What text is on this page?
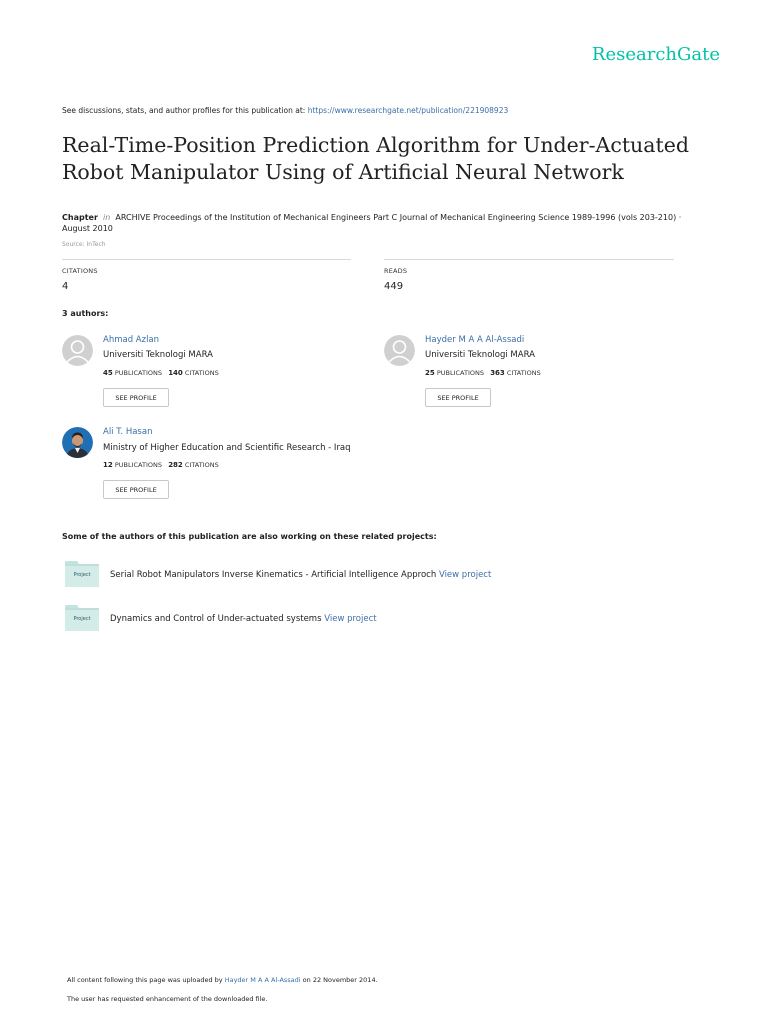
ResearchGate
See discussions, stats, and author profiles for this publication at: https://www.researchgate.net/publication/221908923
Real-Time-Position Prediction Algorithm for Under-Actuated Robot Manipulator Using of Artificial Neural Network
Chapter in ARCHIVE Proceedings of the Institution of Mechanical Engineers Part C Journal of Mechanical Engineering Science 1989-1996 (vols 203-210) · August 2010
Source: InTech
CITATIONS
4
READS
449
3 authors:
Ahmad Azlan
Universiti Teknologi MARA
45 PUBLICATIONS 140 CITATIONS
SEE PROFILE
Hayder M A A Al-Assadi
Universiti Teknologi MARA
25 PUBLICATIONS 363 CITATIONS
SEE PROFILE
Ali T. Hasan
Ministry of Higher Education and Scientific Research - Iraq
12 PUBLICATIONS 282 CITATIONS
SEE PROFILE
Some of the authors of this publication are also working on these related projects:
Project	Serial Robot Manipulators Inverse Kinematics - Artificial Intelligence Approch View project
Project	Dynamics and Control of Under-actuated systems View project
All content following this page was uploaded by Hayder M A A Al-Assadi on 22 November 2014.
The user has requested enhancement of the downloaded file.
